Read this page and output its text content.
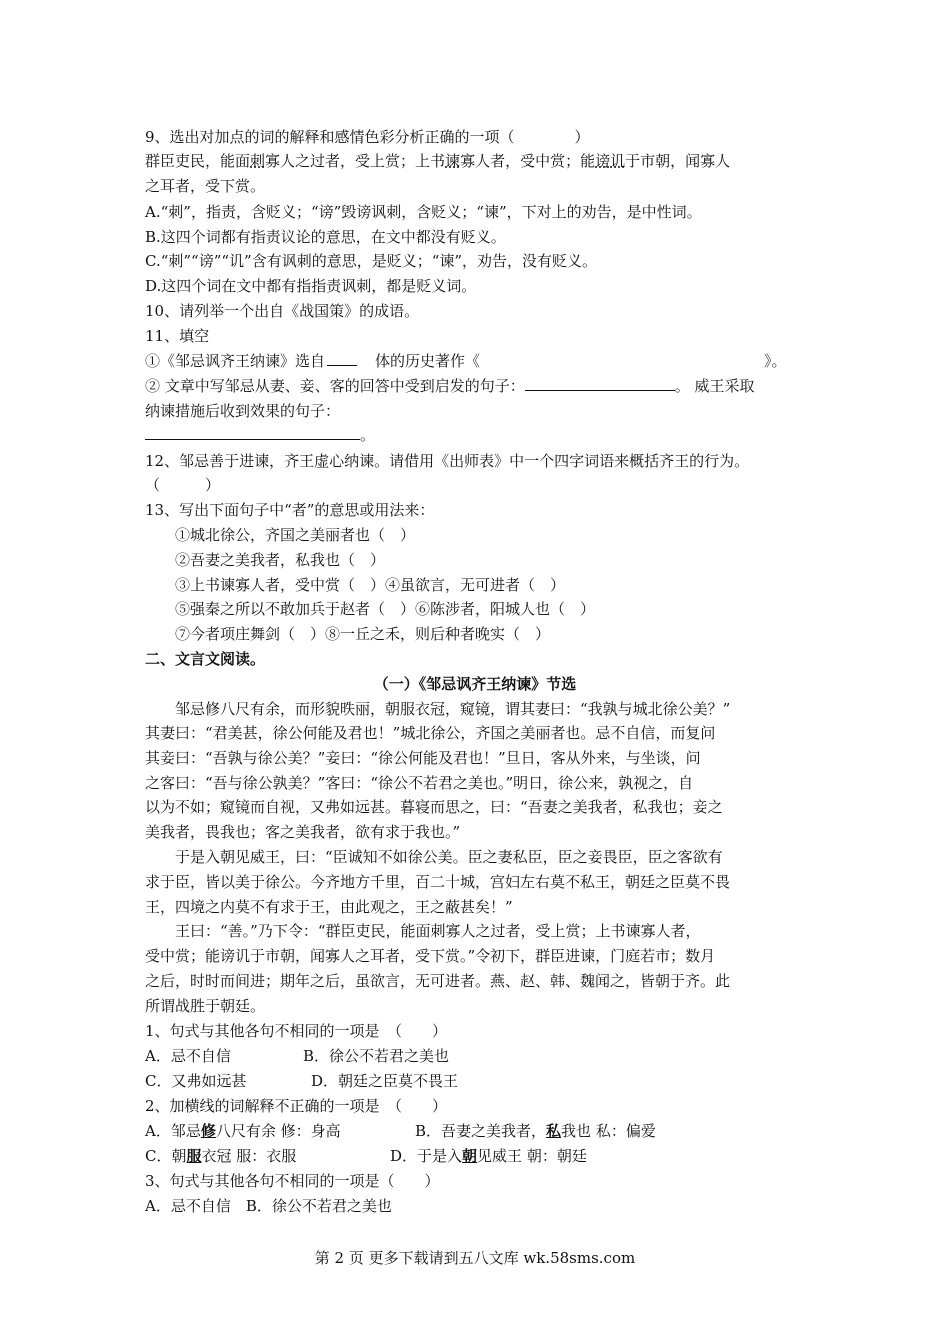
9、选出对加点的词的解释和感情色彩分析正确的一项（　　　　）
群臣吏民，能面刺寡人之过者，受上赏；上书谏寡人者，受中赏；能谤讥于市朝，闻寡人
之耳者，受下赏。
A.“刺”，指责，含贬义；“谤”毁谤讽刺，含贬义；“谏”，下对上的劝告，是中性词。
B.这四个词都有指责议论的意思，在文中都没有贬义。
C.“刺”“谤”“讥”含有讽刺的意思，是贬义；“谏”，劝告，没有贬义。
D.这四个词在文中都有指指责讽刺，都是贬义词。
10、请列举一个出自《战国策》的成语。
11、填空
①《邹忌讽齐王纳谏》选自	体的历史著作《	》。
② 文章中写邹忌从妻、妾、客的回答中受到启发的句子：	。 威王采取
纳谏措施后收到效果的句子：
。
12、邹忌善于进谏，齐王虚心纳谏。请借用《出师表》中一个四字词语来概括齐王的行为。
（　　　）
13、写出下面句子中“者”的意思或用法来：
①城北徐公，齐国之美丽者也（　）
②吾妻之美我者，私我也（　）
③上书谏寡人者，受中赏（　）④虽欲言，无可进者（　）
⑤强秦之所以不敢加兵于赵者（　）⑥陈涉者，阳城人也（　）
⑦今者项庄舞剑（　）⑧一丘之禾，则后种者晚实（　）
二、文言文阅读。
（一）《邹忌讽齐王纳谏》节选
邹忌修八尺有余，而形貌昳丽，朝服衣冠，窥镜，谓其妻曰：“我孰与城北徐公美？”
其妻曰：“君美甚，徐公何能及君也！”城北徐公，齐国之美丽者也。忌不自信，而复问
其妾曰：“吾孰与徐公美？”妾曰：“徐公何能及君也！”旦日，客从外来，与坐谈，问
之客曰：“吾与徐公孰美？”客曰：“徐公不若君之美也。”明日，徐公来，孰视之，自
以为不如；窥镜而自视，又弗如远甚。暮寝而思之，曰：“吾妻之美我者，私我也；妾之
美我者，畏我也；客之美我者，欲有求于我也。”
于是入朝见威王，曰：“臣诚知不如徐公美。臣之妻私臣，臣之妾畏臣，臣之客欲有
求于臣，皆以美于徐公。今齐地方千里，百二十城，宫妇左右莫不私王，朝廷之臣莫不畏
王，四境之内莫不有求于王，由此观之，王之蔽甚矣！”
王曰：“善。”乃下令：“群臣吏民，能面刺寡人之过者，受上赏；上书谏寡人者，
受中赏；能谤讥于市朝，闻寡人之耳者，受下赏。”令初下，群臣进谏，门庭若市；数月
之后，时时而间进；期年之后，虽欲言，无可进者。燕、赵、韩、魏闻之，皆朝于齐。此
所谓战胜于朝廷。
1、句式与其他各句不相同的一项是　（　　）
A．忌不自信	B．徐公不若君之美也
C．又弗如远甚	D．朝廷之臣莫不畏王
2、加横线的词解释不正确的一项是　（　　）
A．邹忌修八尺有余 修：身高	B．吾妻之美我者，私我也 私：偏爱
C．朝服衣冠 服：衣服	D．于是入朝见威王 朝：朝廷
3、句式与其他各句不相同的一项是（　　）
A．忌不自信　B．徐公不若君之美也
第 2 页 更多下载请到五八文库 wk.58sms.com
